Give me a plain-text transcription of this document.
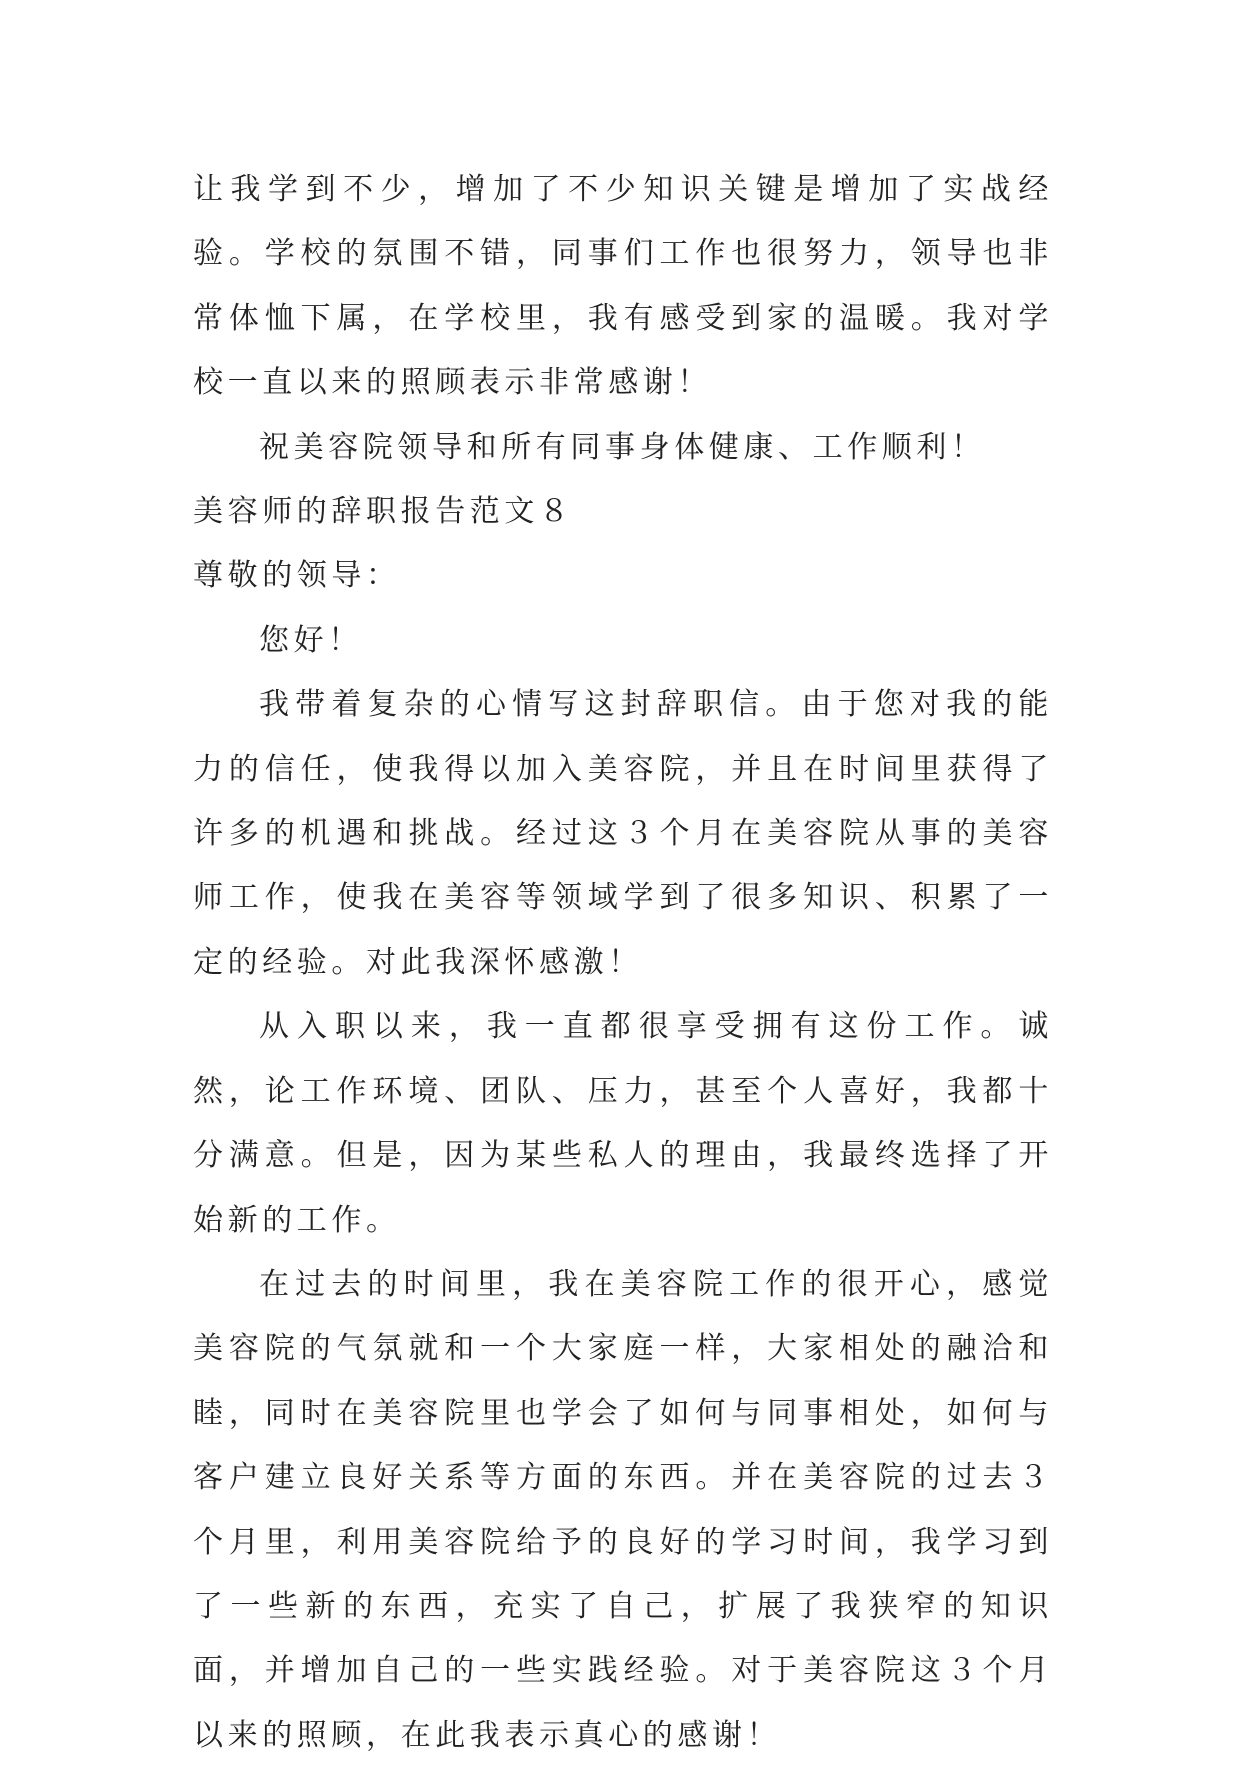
让我学到不少，增加了不少知识关键是增加了实战经验。学校的氛围不错，同事们工作也很努力，领导也非常体恤下属，在学校里，我有感受到家的温暖。我对学校一直以来的照顾表示非常感谢！

祝美容院领导和所有同事身体健康、工作顺利！

美容师的辞职报告范文８

尊敬的领导：

您好！

我带着复杂的心情写这封辞职信。由于您对我的能力的信任，使我得以加入美容院，并且在时间里获得了许多的机遇和挑战。经过这３个月在美容院从事的美容师工作，使我在美容等领域学到了很多知识、积累了一定的经验。对此我深怀感激！

从入职以来，我一直都很享受拥有这份工作。诚然，论工作环境、团队、压力，甚至个人喜好，我都十分满意。但是，因为某些私人的理由，我最终选择了开始新的工作。

在过去的时间里，我在美容院工作的很开心，感觉美容院的气氛就和一个大家庭一样，大家相处的融洽和睦，同时在美容院里也学会了如何与同事相处，如何与客户建立良好关系等方面的东西。并在美容院的过去３个月里，利用美容院给予的良好的学习时间，我学习到了一些新的东西，充实了自己，扩展了我狭窄的知识面，并增加自己的一些实践经验。对于美容院这３个月以来的照顾，在此我表示真心的感谢！
